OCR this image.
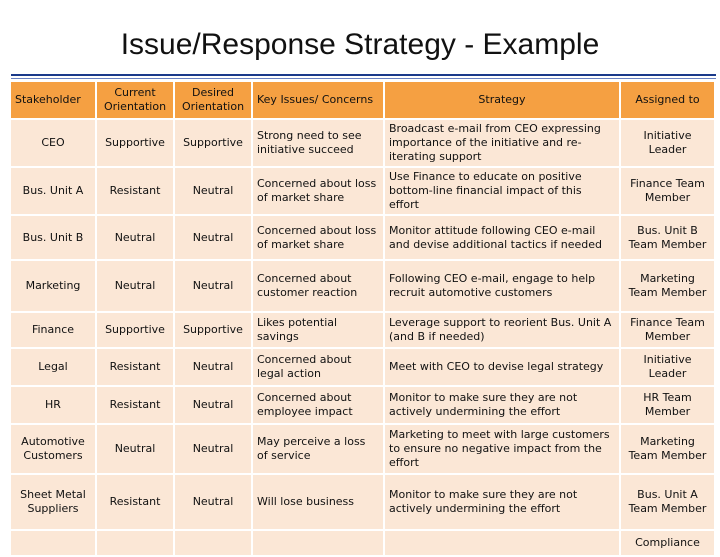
Issue/Response Strategy - Example
Stakeholder	Current Orientation	Desired Orientation	Key Issues/ Concerns	Strategy	Assigned to
CEO	Supportive	Supportive	Strong need to see initiative succeed	Broadcast e-mail from CEO expressing importance of the initiative and re-iterating support	Initiative Leader
Bus. Unit A	Resistant	Neutral	Concerned about loss of market share	Use Finance to educate on positive bottom-line financial impact of this effort	Finance Team Member
Bus. Unit B	Neutral	Neutral	Concerned about loss of market share	Monitor attitude following CEO e-mail and devise additional tactics if needed	Bus. Unit B Team Member
Marketing	Neutral	Neutral	Concerned about customer reaction	Following CEO e-mail, engage to help recruit automotive customers	Marketing Team Member
Finance	Supportive	Supportive	Likes potential savings	Leverage support to reorient Bus. Unit A (and B if needed)	Finance Team Member
Legal	Resistant	Neutral	Concerned about legal action	Meet with CEO to devise legal strategy	Initiative Leader
HR	Resistant	Neutral	Concerned about employee impact	Monitor to make sure they are not actively undermining the effort	HR Team Member
Automotive Customers	Neutral	Neutral	May perceive a loss of service	Marketing to meet with large customers to ensure no negative impact from the effort	Marketing Team Member
Sheet Metal Suppliers	Resistant	Neutral	Will lose business	Monitor to make sure they are not actively undermining the effort	Bus. Unit A Team Member
					Compliance
